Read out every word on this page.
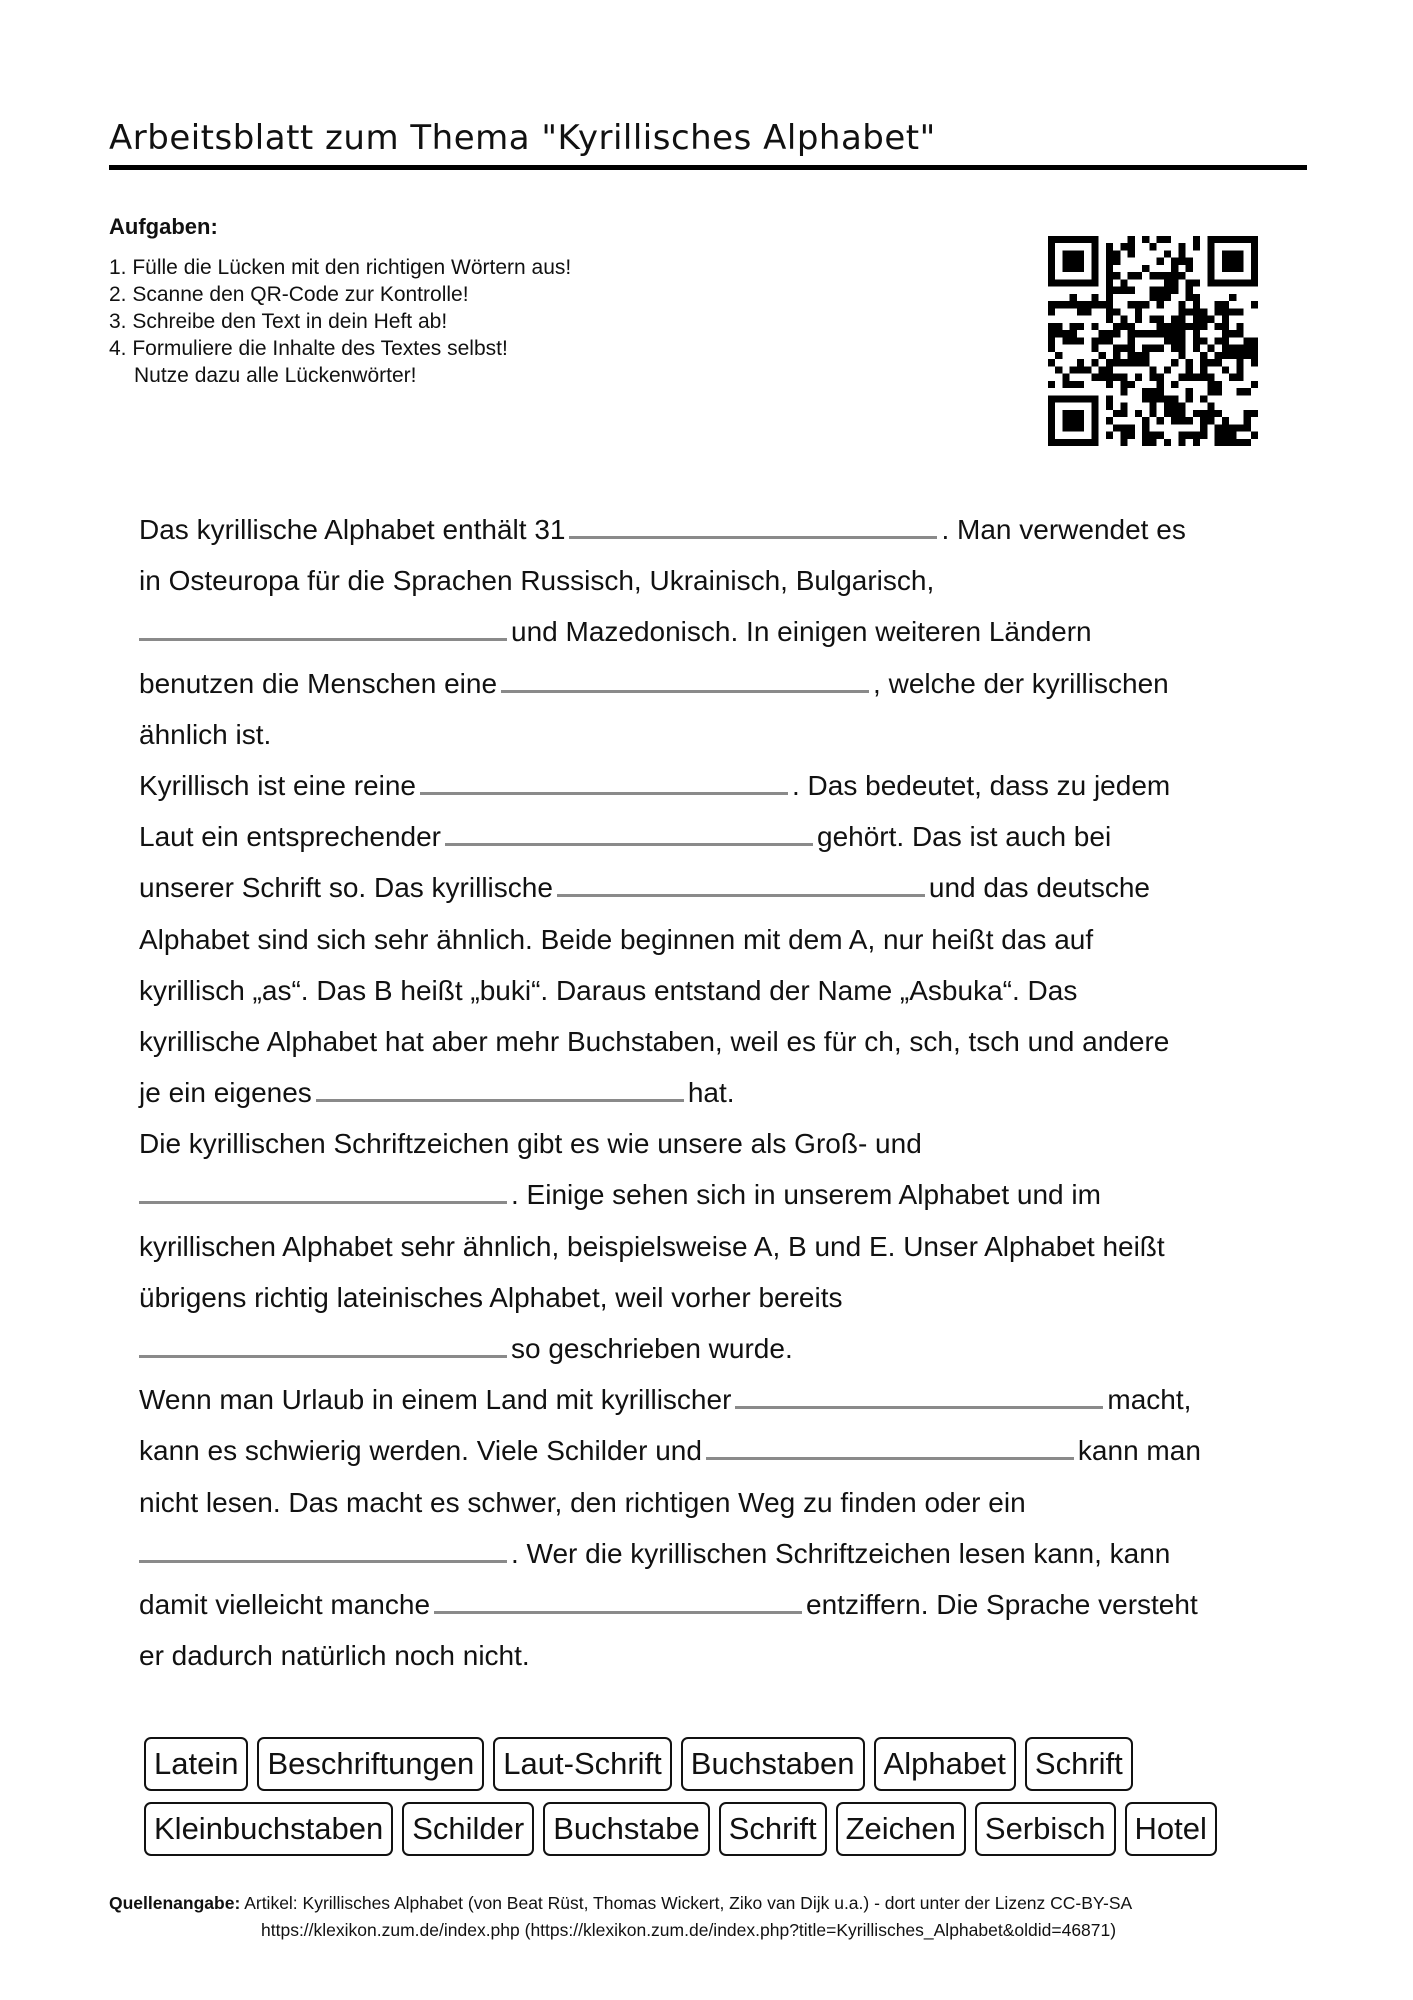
Arbeitsblatt zum Thema "Kyrillisches Alphabet"
Aufgaben:
1. Fülle die Lücken mit den richtigen Wörtern aus!
2. Scanne den QR-Code zur Kontrolle!
3. Schreibe den Text in dein Heft ab!
4. Formuliere die Inhalte des Textes selbst!
Nutze dazu alle Lückenwörter!
Das kyrillische Alphabet enthält 31	. Man verwendet es
in Osteuropa für die Sprachen Russisch, Ukrainisch, Bulgarisch,
und Mazedonisch. In einigen weiteren Ländern
benutzen die Menschen eine	, welche der kyrillischen
ähnlich ist.
Kyrillisch ist eine reine	. Das bedeutet, dass zu jedem
Laut ein entsprechender	gehört. Das ist auch bei
unserer Schrift so. Das kyrillische	und das deutsche
Alphabet sind sich sehr ähnlich. Beide beginnen mit dem A, nur heißt das auf
kyrillisch „as“. Das B heißt „buki“. Daraus entstand der Name „Asbuka“. Das
kyrillische Alphabet hat aber mehr Buchstaben, weil es für ch, sch, tsch und andere
je ein eigenes	hat.
Die kyrillischen Schriftzeichen gibt es wie unsere als Groß- und
. Einige sehen sich in unserem Alphabet und im
kyrillischen Alphabet sehr ähnlich, beispielsweise A, B und E. Unser Alphabet heißt
übrigens richtig lateinisches Alphabet, weil vorher bereits
so geschrieben wurde.
Wenn man Urlaub in einem Land mit kyrillischer	macht,
kann es schwierig werden. Viele Schilder und	kann man
nicht lesen. Das macht es schwer, den richtigen Weg zu finden oder ein
. Wer die kyrillischen Schriftzeichen lesen kann, kann
damit vielleicht manche	entziffern. Die Sprache versteht
er dadurch natürlich noch nicht.
Latein Beschriftungen Laut-Schrift Buchstaben Alphabet Schrift
Kleinbuchstaben Schilder Buchstabe Schrift Zeichen Serbisch Hotel
Quellenangabe: Artikel: Kyrillisches Alphabet (von Beat Rüst, Thomas Wickert, Ziko van Dijk u.a.) - dort unter der Lizenz CC-BY-SA
https://klexikon.zum.de/index.php (https://klexikon.zum.de/index.php?title=Kyrillisches_Alphabet&oldid=46871)
